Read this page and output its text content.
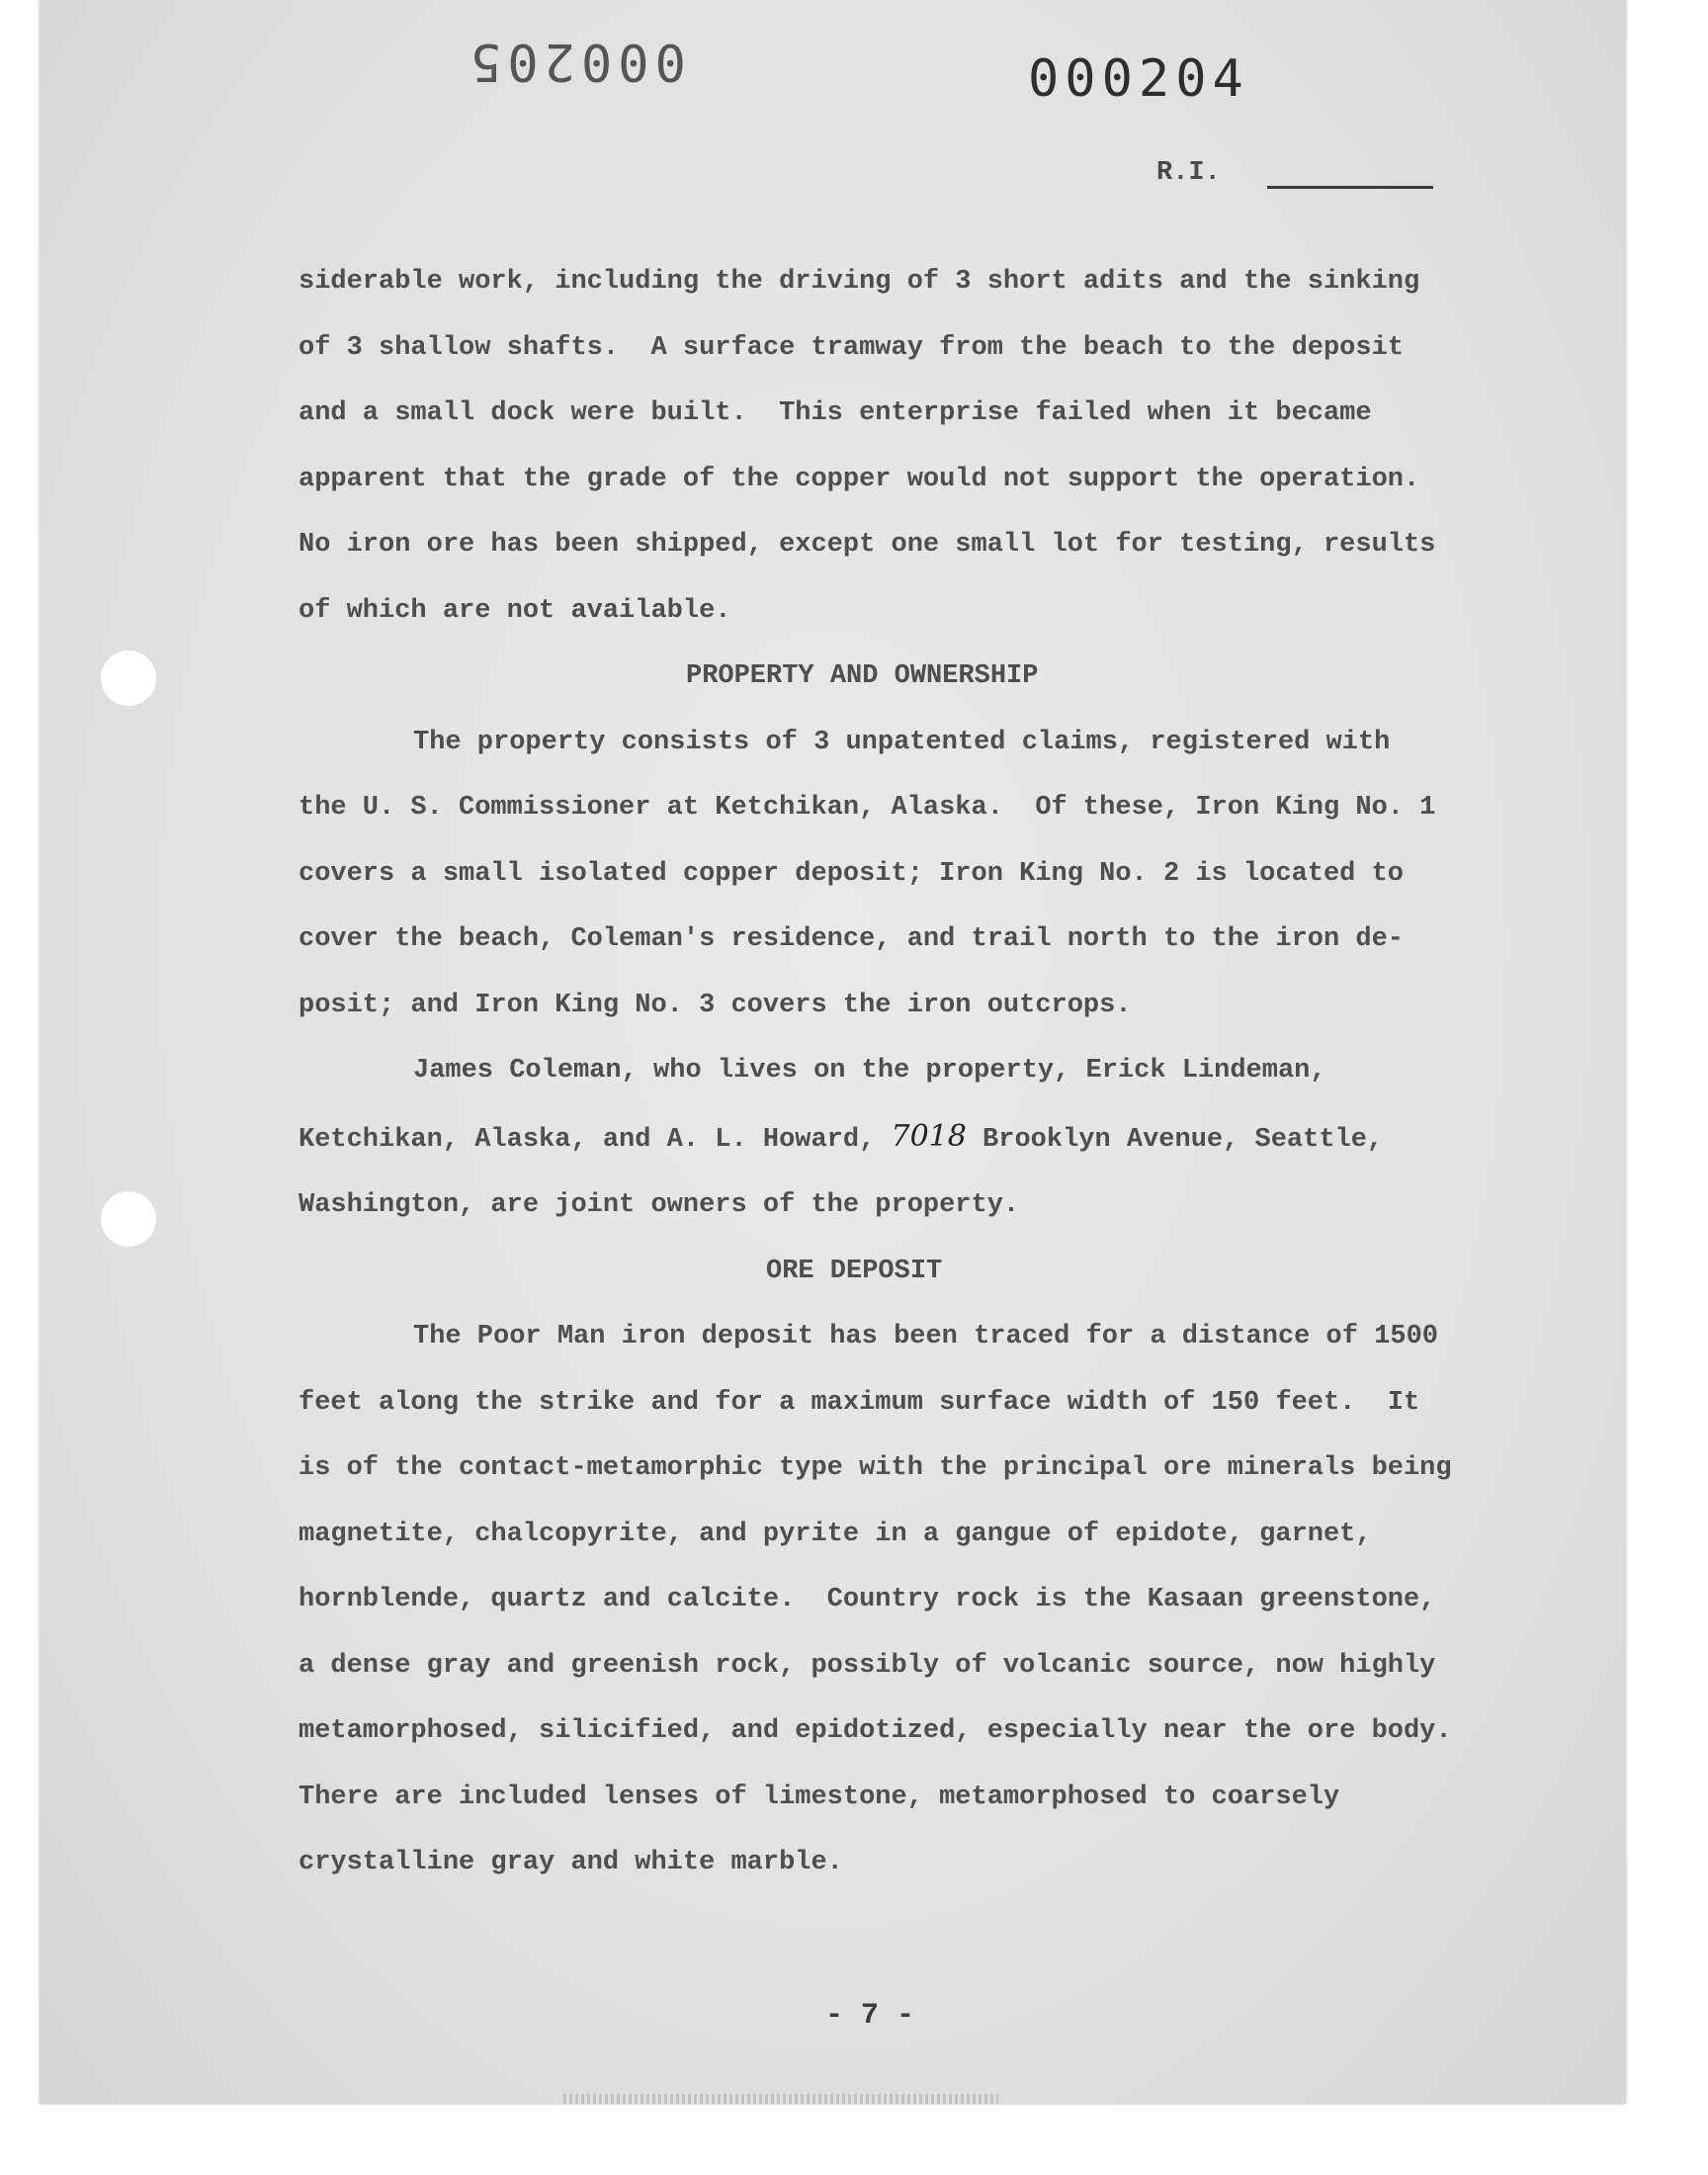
000205	000204
R.I.
siderable work, including the driving of 3 short adits and the sinking
of 3 shallow shafts.  A surface tramway from the beach to the deposit
and a small dock were built.  This enterprise failed when it became
apparent that the grade of the copper would not support the operation.
No iron ore has been shipped, except one small lot for testing, results
of which are not available.
PROPERTY AND OWNERSHIP
The property consists of 3 unpatented claims, registered with
the U. S. Commissioner at Ketchikan, Alaska.  Of these, Iron King No. 1
covers a small isolated copper deposit; Iron King No. 2 is located to
cover the beach, Coleman's residence, and trail north to the iron de-
posit; and Iron King No. 3 covers the iron outcrops.
James Coleman, who lives on the property, Erick Lindeman,
Ketchikan, Alaska, and A. L. Howard, 7018 Brooklyn Avenue, Seattle,
Washington, are joint owners of the property.
ORE DEPOSIT
The Poor Man iron deposit has been traced for a distance of 1500
feet along the strike and for a maximum surface width of 150 feet.  It
is of the contact-metamorphic type with the principal ore minerals being
magnetite, chalcopyrite, and pyrite in a gangue of epidote, garnet,
hornblende, quartz and calcite.  Country rock is the Kasaan greenstone,
a dense gray and greenish rock, possibly of volcanic source, now highly
metamorphosed, silicified, and epidotized, especially near the ore body.
There are included lenses of limestone, metamorphosed to coarsely
crystalline gray and white marble.
- 7 -
